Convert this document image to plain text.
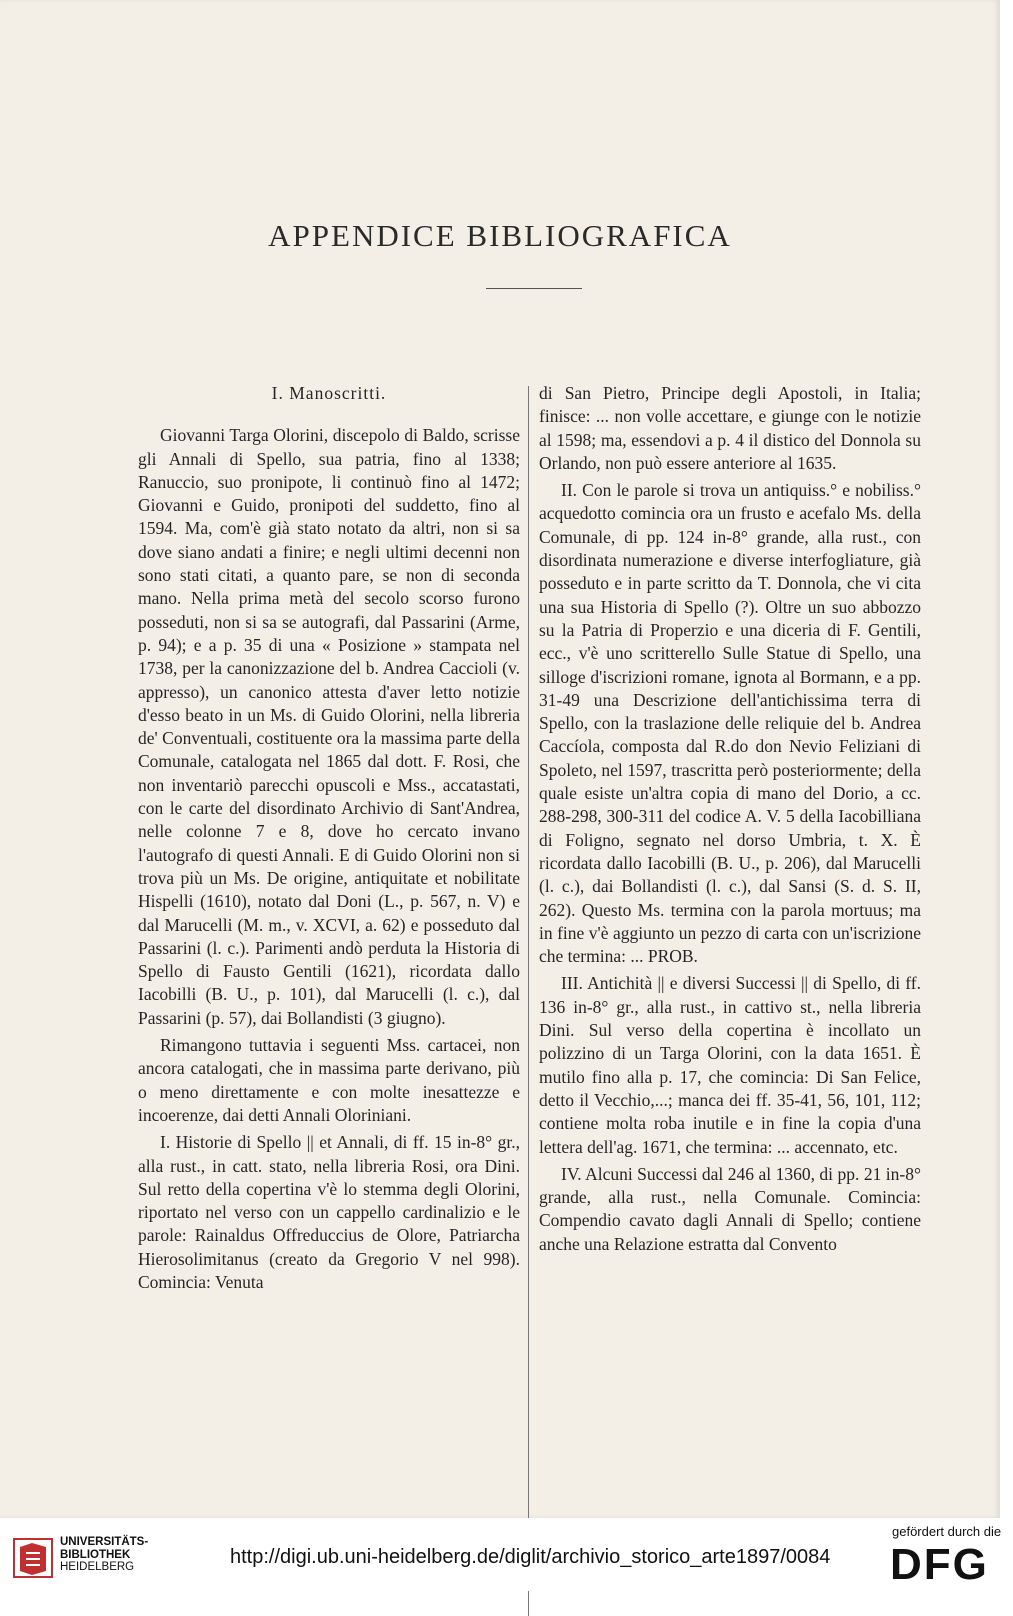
APPENDICE BIBLIOGRAFICA
I. Manoscritti.

Giovanni Targa Olorini, discepolo di Baldo, scrisse gli Annali di Spello, sua patria, fino al 1338; Ranuccio, suo pronipote, li continuò fino al 1472; Giovanni e Guido, pronipoti del suddetto, fino al 1594. Ma, com'è già stato notato da altri, non si sa dove siano andati a finire; e negli ultimi decenni non sono stati citati, a quanto pare, se non di seconda mano. Nella prima metà del secolo scorso furono posseduti, non si sa se autografi, dal Passarini (Arme, p. 94); e a p. 35 di una « Posizione » stampata nel 1738, per la canonizzazione del b. Andrea Caccioli (v. appresso), un canonico attesta d'aver letto notizie d'esso beato in un Ms. di Guido Olorini, nella libreria de' Conventuali, costituente ora la massima parte della Comunale, catalogata nel 1865 dal dott. F. Rosi, che non inventariò parecchi opuscoli e Mss., accatastati, con le carte del disordinato Archivio di Sant'Andrea, nelle colonne 7 e 8, dove ho cercato invano l'autografo di questi Annali. E di Guido Olorini non si trova più un Ms. De origine, antiquitate et nobilitate Hispelli (1610), notato dal Doni (L., p. 567, n. V) e dal Marucelli (M. m., v. XCVI, a. 62) e posseduto dal Passarini (l. c.). Parimenti andò perduta la Historia di Spello di Fausto Gentili (1621), ricordata dallo Iacobilli (B. U., p. 101), dal Marucelli (l. c.), dal Passarini (p. 57), dai Bollandisti (3 giugno).

Rimangono tuttavia i seguenti Mss. cartacei, non ancora catalogati, che in massima parte derivano, più o meno direttamente e con molte inesattezze e incoerenze, dai detti Annali Oloriniani.

I. Historie di Spello || et Annali, di ff. 15 in-8° gr., alla rust., in catt. stato, nella libreria Rosi, ora Dini. Sul retto della copertina v'è lo stemma degli Olorini, riportato nel verso con un cappello cardinalizio e le parole: Rainaldus Offreduccius de Olore, Patriarcha Hierosolimitanus (creato da Gregorio V nel 998). Comincia: Venuta

di San Pietro, Principe degli Apostoli, in Italia; finisce: ... non volle accettare, e giunge con le notizie al 1598; ma, essendovi a p. 4 il distico del Donnola su Orlando, non può essere anteriore al 1635.

II. Con le parole si trova un antiquiss.° e nobiliss.° acquedotto comincia ora un frusto e acefalo Ms. della Comunale, di pp. 124 in-8° grande, alla rust., con disordinata numerazione e diverse interfogliature, già posseduto e in parte scritto da T. Donnola, che vi cita una sua Historia di Spello (?). Oltre un suo abbozzo su la Patria di Properzio e una diceria di F. Gentili, ecc., v'è uno scritterello Sulle Statue di Spello, una silloge d'iscrizioni romane, ignota al Bormann, e a pp. 31-49 una Descrizione dell'antichissima terra di Spello, con la traslazione delle reliquie del b. Andrea Caccíola, composta dal R.do don Nevio Feliziani di Spoleto, nel 1597, trascritta però posteriormente; della quale esiste un'altra copia di mano del Dorio, a cc. 288-298, 300-311 del codice A. V. 5 della Iacobilliana di Foligno, segnato nel dorso Umbria, t. X. È ricordata dallo Iacobilli (B. U., p. 206), dal Marucelli (l. c.), dai Bollandisti (l. c.), dal Sansi (S. d. S. II, 262). Questo Ms. termina con la parola mortuus; ma in fine v'è aggiunto un pezzo di carta con un'iscrizione che termina: ... PROB.

III. Antichità || e diversi Successi || di Spello, di ff. 136 in-8° gr., alla rust., in cattivo st., nella libreria Dini. Sul verso della copertina è incollato un polizzino di un Targa Olorini, con la data 1651. È mutilo fino alla p. 17, che comincia: Di San Felice, detto il Vecchio,...; manca dei ff. 35-41, 56, 101, 112; contiene molta roba inutile e in fine la copia d'una lettera dell'ag. 1671, che termina: ... accennato, etc.

IV. Alcuni Successi dal 246 al 1360, di pp. 21 in-8° grande, alla rust., nella Comunale. Comincia: Compendio cavato dagli Annali di Spello; contiene anche una Relazione estratta dal Convento

UNIVERSITÄTS-
BIBLIOTHEK
HEIDELBERG	http://digi.ub.uni-heidelberg.de/diglit/archivio_storico_arte1897/0084
gefördert durch die
DFG
